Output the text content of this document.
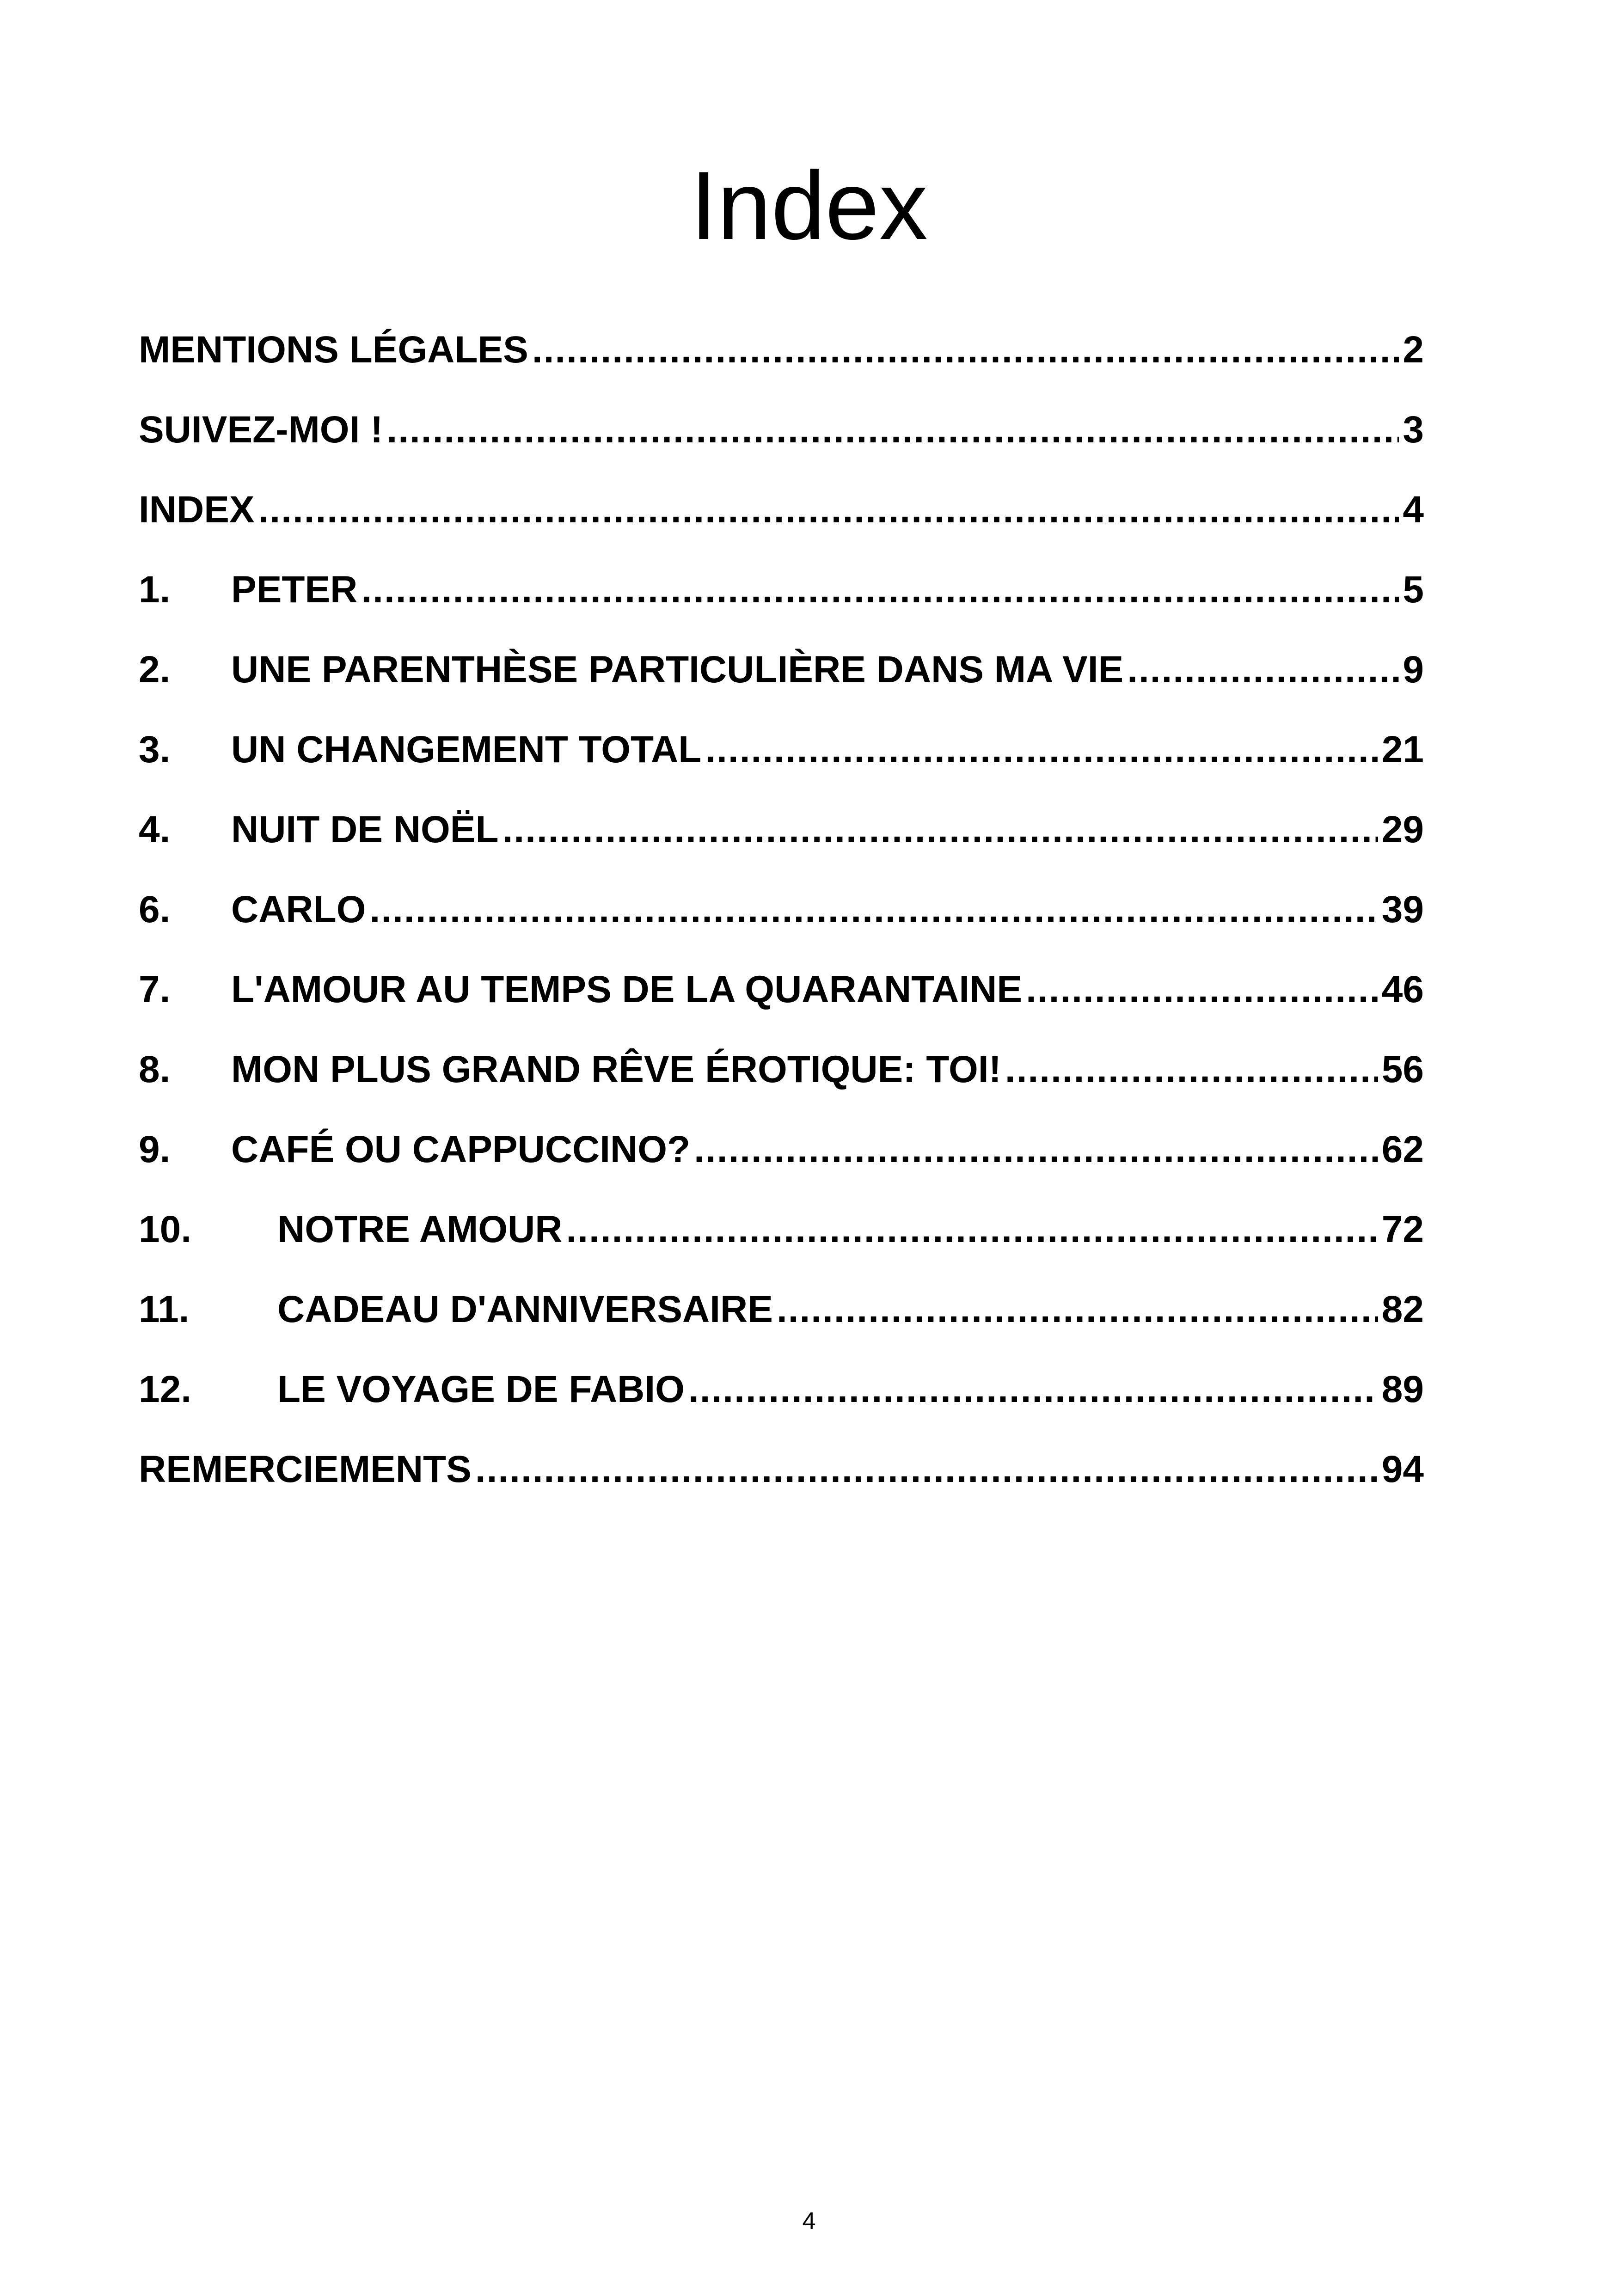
Index
MENTIONS LÉGALES .....	2
SUIVEZ-MOI ! .....	3
INDEX .....	4
1.	PETER .....	5
2.	UNE PARENTHÈSE PARTICULIÈRE DANS MA VIE .....	9
3.	UN CHANGEMENT TOTAL .....	21
4.	NUIT DE NOËL .....	29
6.	CARLO .....	39
7.	L'AMOUR AU TEMPS DE LA QUARANTAINE .....	46
8.	MON PLUS GRAND RÊVE ÉROTIQUE: TOI! .....	56
9.	CAFÉ OU CAPPUCCINO? .....	62
10.	NOTRE AMOUR .....	72
11.	CADEAU D'ANNIVERSAIRE .....	82
12.	LE VOYAGE DE FABIO .....	89
REMERCIEMENTS .....	94
4
